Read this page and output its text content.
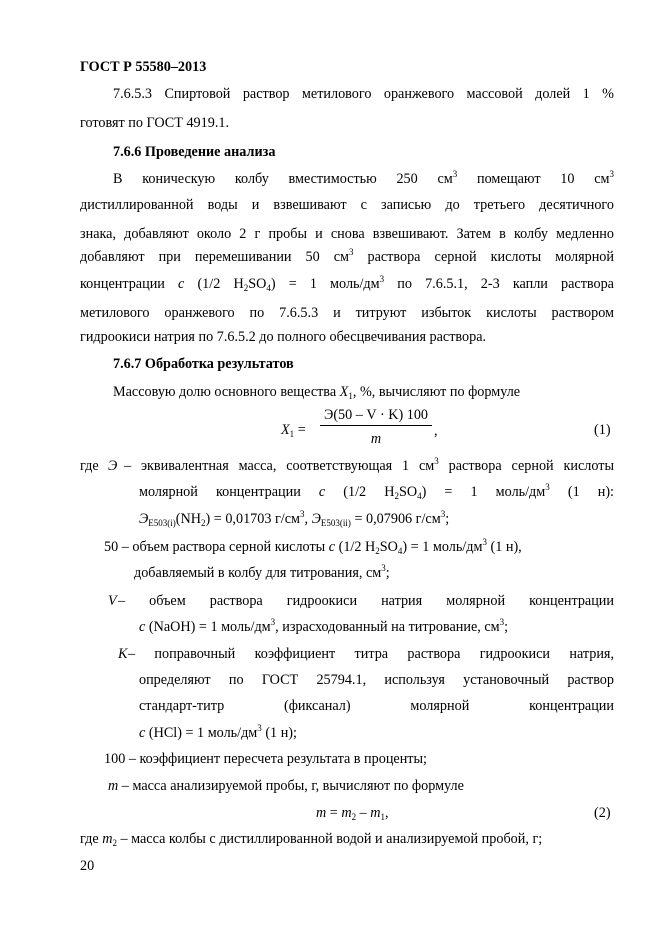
ГОСТ Р 55580–2013
7.6.5.3 Спиртовой раствор метилового оранжевого массовой долей 1 %
готовят по ГОСТ 4919.1.
7.6.6 Проведение анализа
В коническую колбу вместимостью 250 $см^3$ помещают 10 $см^3$
дистиллированной воды и взвешивают с записью до третьего десятичного
знака, добавляют около 2 г пробы и снова взвешивают. Затем в колбу медленно
добавляют при перемешивании 50 $см^3$ раствора серной кислоты молярной
концентрации c (1/2 $H_2SO_4) = 1$ моль/$дм^3$ по 7.6.5.1, 2-3 капли раствора
метилового оранжевого по 7.6.5.3 и титруют избыток кислоты раствором
гидроокиси натрия по 7.6.5.2 до полного обесцвечивания раствора.
7.6.7 Обработка результатов
Массовую долю основного вещества $X_1$, %, вычисляют по формуле
$X_1$ =
Э(50 – V · K) 100
m
,	(1)
где Э – эквивалентная масса, соответствующая 1 $см^3$ раствора серной кислоты
молярной концентрации c (1/2 $H_2SO_4) = 1$ моль/$дм^3$ (1 н):
$Э_{E503(i)}(NH_2) = 0,01703$ $г/см^3$, $Э_{E503(ii)} = 0,07906$ $г/см^3$;
50 – объем раствора серной кислоты c (1/2 $H_2SO_4) = 1$ моль/$дм^3$ (1 н),
добавляемый в колбу для титрования, $см^3$;
V – объем раствора гидроокиси натрия молярной концентрации
c (NaOH) = 1 моль/$дм^3$, израсходованный на титрование, $см^3$;
K – поправочный коэффициент титра раствора гидроокиси натрия,
определяют по ГОСТ 25794.1, используя установочный раствор
стандарт-титр (фиксанал) молярной концентрации
c (HCl) = 1 моль/$дм^3$ (1 н);
100 – коэффициент пересчета результата в проценты;
m – масса анализируемой пробы, г, вычисляют по формуле
$m = m_2 - m_1$,	(2)
где $m_2$ – масса колбы с дистиллированной водой и анализируемой пробой, г;
20
